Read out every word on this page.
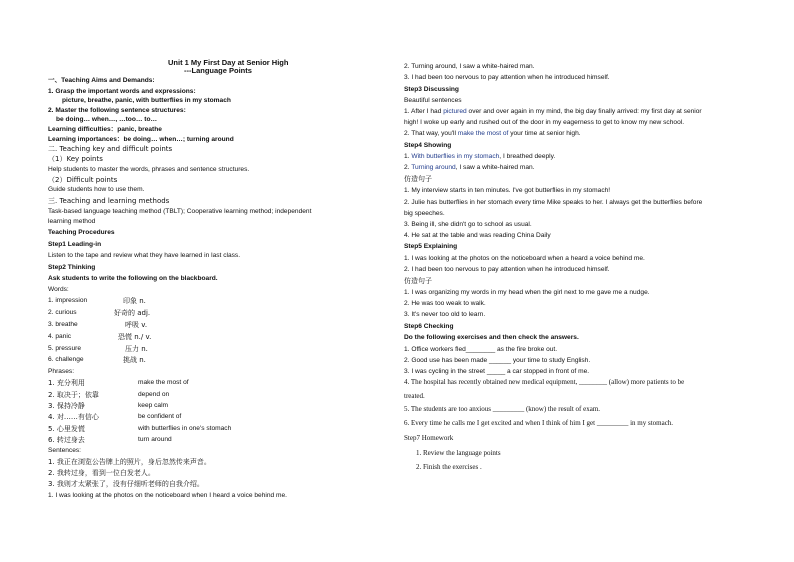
Unit 1 My First Day at Senior High
---Language Points
一、Teaching Aims and Demands:
1. Grasp the important words and expressions:
picture, breathe, panic, with butterflies in my stomach
2. Master the following sentence structures:
be doing… when…, …too… to…
Learning difficulties：panic, breathe
Learning importances：be doing… when…; turning around
二. Teaching key and difficult points
（1）Key points
Help students to master the words, phrases and sentence structures.
（2）Difficult points
Guide students how to use them.
三. Teaching and learning methods
Task-based language teaching method (TBLT); Cooperative learning method; independent
learning method
Teaching Procedures
Step1 Leading-in
Listen to the tape and review what they have learned in last class.
Step2 Thinking
Ask students to write the following on the blackboard.
Words:
1. impression	印象 n.
2. curious	好奇的 adj.
3. breathe	呼吸 v.
4. panic	恐慌 n./ v.
5. pressure	压力 n.
6. challenge	挑战 n.
Phrases:
1. 充分利用	make the most of
2. 取决于；依靠	depend on
3. 保持冷静	keep calm
4. 对……有信心	be confident of
5. 心里发慌	with butterflies in one's stomach
6. 转过身去	turn around
Sentences:
1. 我正在浏览公告牌上的照片，身后忽然传来声音。
2. 我转过身，看到一位白发老人。
3. 我则才太紧张了，没有仔细听老师的自我介绍。
1. I was looking at the photos on the noticeboard when I heard a voice behind me.
2. Turning around, I saw a white-haired man.
3. I had been too nervous to pay attention when he introduced himself.
Step3 Discussing
Beautiful sentences
1. After I had pictured over and over again in my mind, the big day finally arrived: my first day at senior
high! I woke up early and rushed out of the door in my eagerness to get to know my new school.
2. That way, you'll make the most of your time at senior high.
Step4 Showing
1. With butterflies in my stomach, I breathed deeply.
2. Turning around, I saw a white-haired man.
仿造句子
1. My interview starts in ten minutes. I've got butterflies in my stomach!
2. Julie has butterflies in her stomach every time Mike speaks to her. I always get the butterflies before
big speeches.
3. Being ill, she didn't go to school as usual.
4. He sat at the table and was reading China Daily
Step5 Explaining
1. I was looking at the photos on the noticeboard when a heard a voice behind me.
2. I had been too nervous to pay attention when he introduced himself.
仿造句子
1. I was organizing my words in my head when the girl next to me gave me a nudge.
2. He was too weak to walk.
3. It's never too old to learn.
Step6 Checking
Do the following exercises and then check the answers.
1. Office workers fled________ as the fire broke out.
2. Good use has been made ______ your time to study English.
3. I was cycling in the street _____ a car stopped in front of me.
4. The hospital has recently obtained new medical equipment, ________ (allow) more patients to be
treated.
5. The students are too anxious _________ (know) the result of exam.
6. Every time he calls me I get excited and when I think of him I get _________ in my stomach.
Step7 Homework
1. Review the language points
2. Finish the exercises .
